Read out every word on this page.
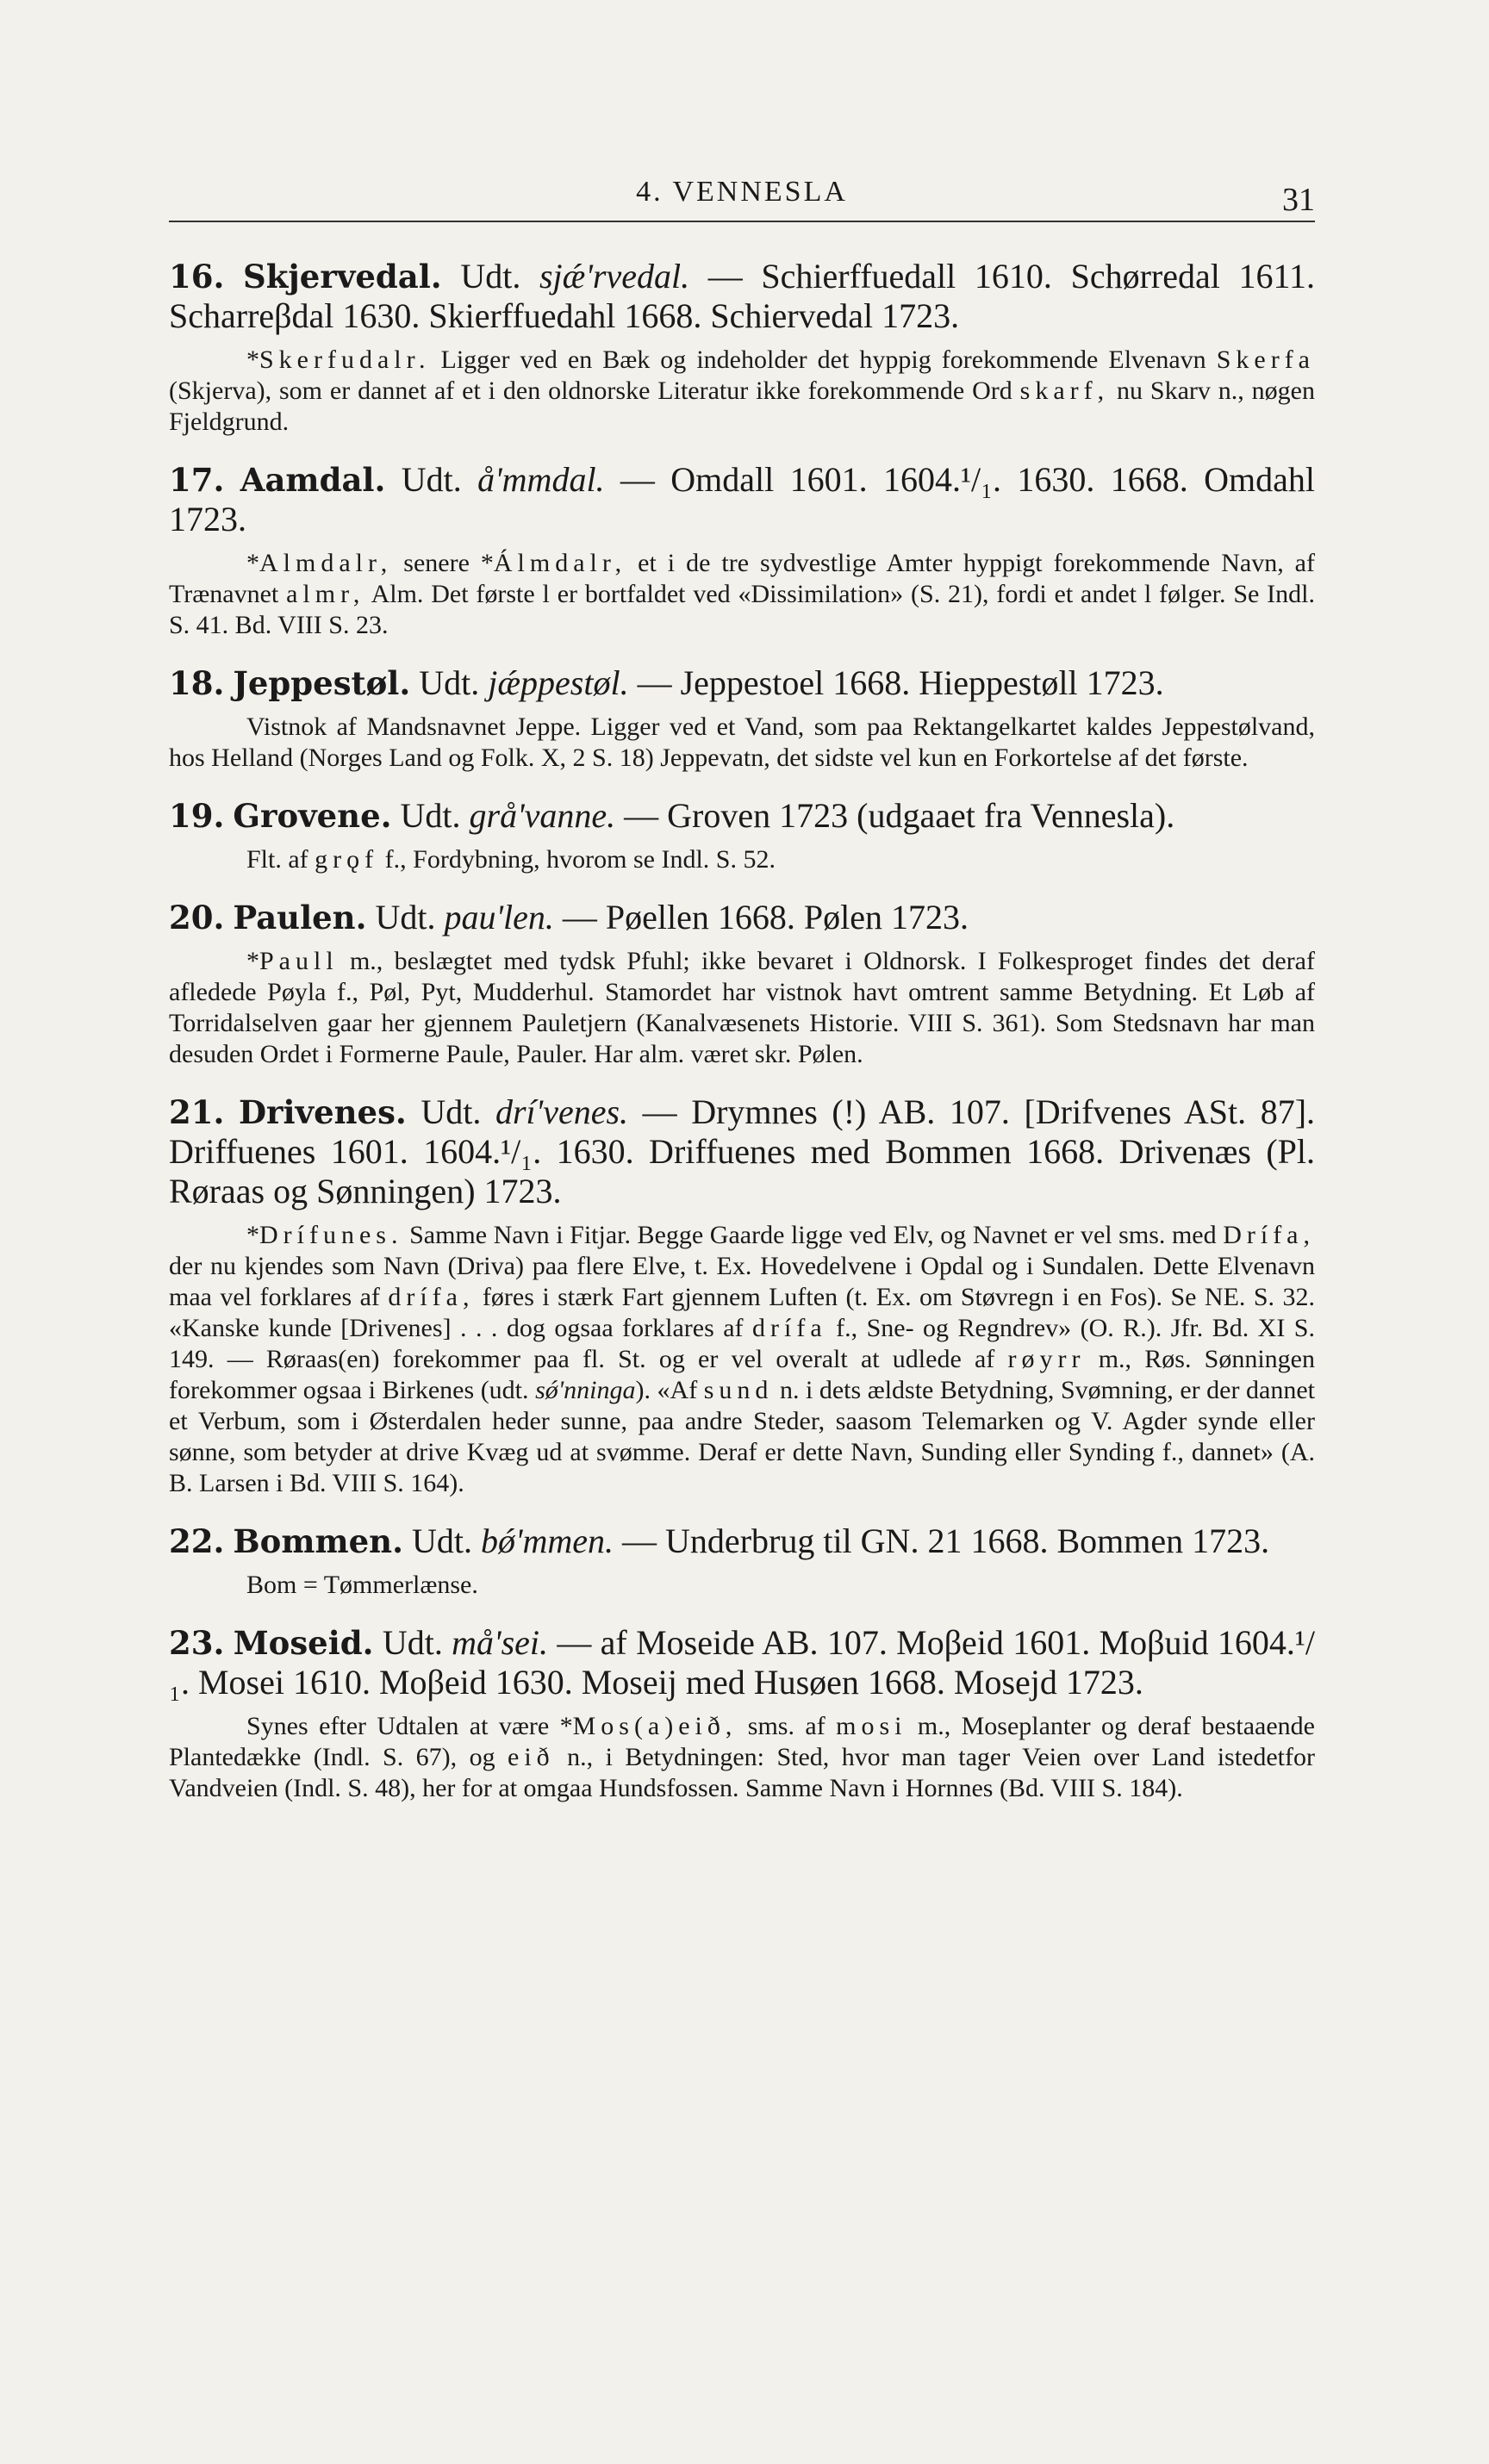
4. VENNESLA	31
16. Skjervedal. Udt. sjǽ'rvedal. — Schierffuedall 1610. Schørredal 1611. Scharreβdal 1630. Skierffuedahl 1668. Schiervedal 1723.

*Skerfudalr. Ligger ved en Bæk og indeholder det hyppig forekommende Elvenavn Skerfa (Skjerva), som er dannet af et i den oldnorske Literatur ikke forekommende Ord skarf, nu Skarv n., nøgen Fjeldgrund.

17. Aamdal. Udt. å'mmdal. — Omdall 1601. 1604.¹/₁. 1630. 1668. Omdahl 1723.

*Almdalr, senere *Álmdalr, et i de tre sydvestlige Amter hyppigt forekommende Navn, af Trænavnet almr, Alm. Det første l er bortfaldet ved «Dissimilation» (S. 21), fordi et andet l følger. Se Indl. S. 41. Bd. VIII S. 23.

18. Jeppestøl. Udt. jǽppestøl. — Jeppestoel 1668. Hieppestøll 1723.

Vistnok af Mandsnavnet Jeppe. Ligger ved et Vand, som paa Rektangelkartet kaldes Jeppestølvand, hos Helland (Norges Land og Folk. X, 2 S. 18) Jeppevatn, det sidste vel kun en Forkortelse af det første.

19. Grovene. Udt. grå'vanne. — Groven 1723 (udgaaet fra Vennesla).

Flt. af grǫf f., Fordybning, hvorom se Indl. S. 52.

20. Paulen. Udt. pau'len. — Pøellen 1668. Pølen 1723.

*Paull m., beslægtet med tydsk Pfuhl; ikke bevaret i Oldnorsk. I Folkesproget findes det deraf afledede Pøyla f., Pøl, Pyt, Mudderhul. Stamordet har vistnok havt omtrent samme Betydning. Et Løb af Torridalselven gaar her gjennem Pauletjern (Kanalvæsenets Historie. VIII S. 361). Som Stedsnavn har man desuden Ordet i Formerne Paule, Pauler. Har alm. været skr. Pølen.

21. Drivenes. Udt. drí'venes. — Drymnes (!) AB. 107. [Drifvenes ASt. 87]. Driffuenes 1601. 1604.¹/₁. 1630. Driffuenes med Bommen 1668. Drivenæs (Pl. Røraas og Sønningen) 1723.

*Drífunes. Samme Navn i Fitjar. Begge Gaarde ligge ved Elv, og Navnet er vel sms. med Drífa, der nu kjendes som Navn (Driva) paa flere Elve, t. Ex. Hovedelvene i Opdal og i Sundalen. Dette Elvenavn maa vel forklares af drífa, føres i stærk Fart gjennem Luften (t. Ex. om Støvregn i en Fos). Se NE. S. 32. «Kanske kunde [Drivenes] . . . dog ogsaa forklares af drífa f., Sne- og Regndrev» (O. R.). Jfr. Bd. XI S. 149. — Røraas(en) forekommer paa fl. St. og er vel overalt at udlede af røyrr m., Røs. Sønningen forekommer ogsaa i Birkenes (udt. sǿ'nninga). «Af sund n. i dets ældste Betydning, Svømning, er der dannet et Verbum, som i Østerdalen heder sunne, paa andre Steder, saasom Telemarken og V. Agder synde eller sønne, som betyder at drive Kvæg ud at svømme. Deraf er dette Navn, Sunding eller Synding f., dannet» (A. B. Larsen i Bd. VIII S. 164).

22. Bommen. Udt. bǿ'mmen. — Underbrug til GN. 21 1668. Bommen 1723.

Bom = Tømmerlænse.

23. Moseid. Udt. må'sei. — af Moseide AB. 107. Moβeid 1601. Moβuid 1604.¹/₁. Mosei 1610. Moβeid 1630. Moseij med Husøen 1668. Mosejd 1723.

Synes efter Udtalen at være *Mos(a)eið, sms. af mosi m., Moseplanter og deraf bestaaende Plantedække (Indl. S. 67), og eið n., i Betydningen: Sted, hvor man tager Veien over Land istedetfor Vandveien (Indl. S. 48), her for at omgaa Hundsfossen. Samme Navn i Hornnes (Bd. VIII S. 184).
